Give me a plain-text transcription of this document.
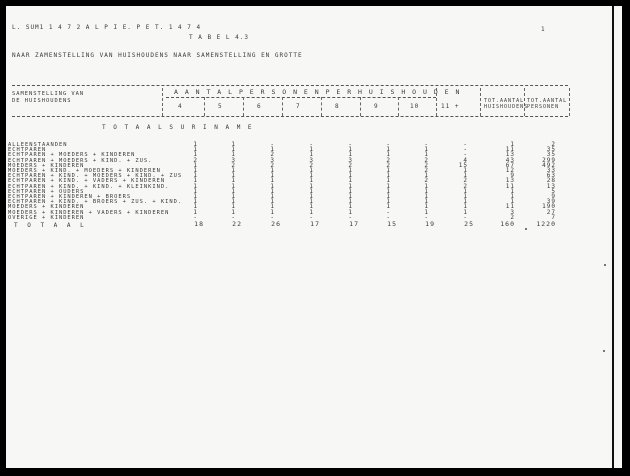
L. SUM1 1 4 7 2 A L P I E. P E T. 1 4 7 4
T A B E L 4.3
1
NAAR ZAMENSTELLING VAN HUISHOUDENS NAAR SAMENSTELLING EN GROTTE
SAMENSTELLING VAN
DE HUISHOUDENS
A A N T A L P E R S O N E N P E R H U I S H O U D E N
4	5	6	7	8	9	10	11 +
TOT.AANTAL HUISHOUDENS
TOT.AANTAL PERSONEN
T O T A A L S U R I N A M E
ALLEENSTAANDEN	1	1	-	-	-	-	-	-	1	2
ECHTPAREN	1	1	1	1	1	1	1	-	11	35
ECHTPAREN + MOEDERS + KINDEREN	1	1	2	1	1	1	1	-	13	35
ECHTPAREN + MOEDERS + KIND. + ZUS.	2	3	3	3	3	2	2	4	43	299
MOEDERS + KINDEREN	1	2	2	2	2	2	2	15	67	492
MOEDERS + KIND. + MOEDERS + KINDEREN	1	1	1	1	1	1	2	1	12	33
ECHTPAREN + KIND. + MOEDERS + KIND. + ZUS	1	1	1	1	1	1	1	1	9	63
ECHTPAREN + KIND. + VADERS + KINDEREN	1	1	1	1	1	1	2	2	13	28
ECHTPAREN + KIND. + KIND. + KLEINKIND.	1	1	1	1	1	1	1	2	11	13
ECHTPAREN + OUDERS	1	1	1	1	1	1	1	1	1	5
ECHTPAREN + KINDEREN + BROERS	1	1	1	1	1	1	1	1	1	9
ECHTPAREN + KIND. + BROERS + ZUS. + KIND.	1	1	1	1	1	1	1	1	1	39
MOEDERS + KINDEREN	1	1	1	1	1	1	1	1	11	190
MOEDERS + KINDEREN + VADERS + KINDEREN	1	1	1	1	1	-	1	1	3	27
OVERIGE + KINDEREN	-	-	-	-	-	-	-	-	2	7
T O T A A L	18	22	26	17	17	15	19	25	160	1220
